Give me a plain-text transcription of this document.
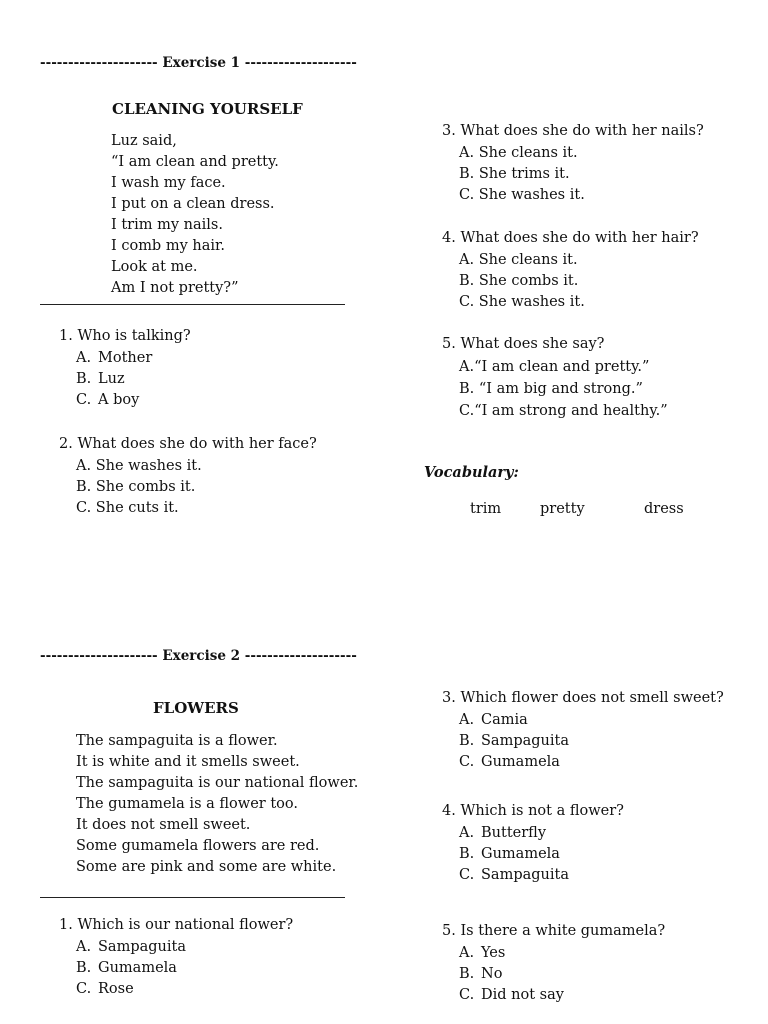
--------------------- Exercise 1 --------------------
CLEANING YOURSELF
Luz said,
“I am clean and pretty.
I wash my face.
I put on a clean dress.
I trim my nails.
I comb my hair.
Look at me.
Am I not pretty?”
1. Who is talking?
A. Mother
B. Luz
C. A boy
2. What does she do with her face?
A. She washes it.
B. She combs it.
C. She cuts it.
3. What does she do with her nails?
A. She cleans it.
B. She trims it.
C. She washes it.
4. What does she do with her hair?
A. She cleans it.
B. She combs it.
C. She washes it.
5. What does she say?
A.“I am clean and pretty.”
B. “I am big and strong.”
C.“I am strong and healthy.”
Vocabulary:
trim	pretty	dress
--------------------- Exercise 2 --------------------
FLOWERS
The sampaguita is a flower.
It is white and it smells sweet.
The sampaguita is our national flower.
The gumamela is a flower too.
It does not smell sweet.
Some gumamela flowers are red.
Some are pink and some are white.
1. Which is our national flower?
A. Sampaguita
B. Gumamela
C. Rose
3. Which flower does not smell sweet?
A. Camia
B. Sampaguita
C. Gumamela
4. Which is not a flower?
A. Butterfly
B. Gumamela
C. Sampaguita
5. Is there a white gumamela?
A. Yes
B. No
C. Did not say
